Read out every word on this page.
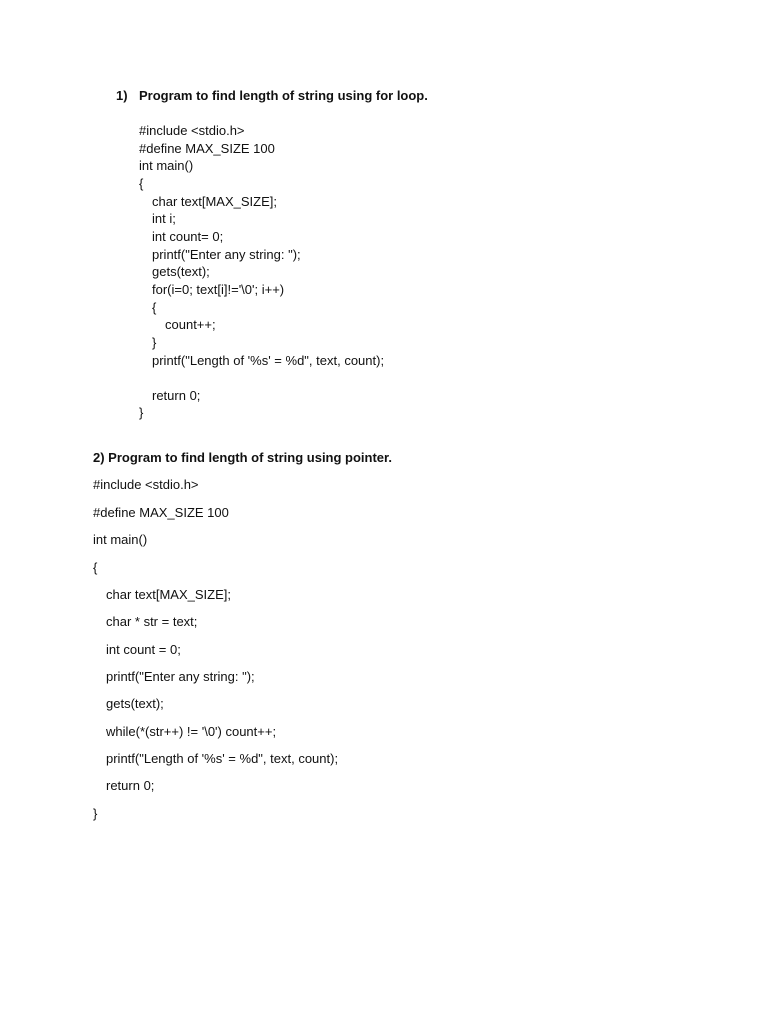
1) Program to find length of string using for loop.
#include <stdio.h>
#define MAX_SIZE 100
int main()
{
char text[MAX_SIZE];
int i;
int count= 0;
printf("Enter any string: ");
gets(text);
for(i=0; text[i]!='\0'; i++)
{
count++;
}
printf("Length of '%s' = %d", text, count);
return 0;
}
2) Program to find length of string using pointer.
#include <stdio.h>
#define MAX_SIZE 100
int main()
{
char text[MAX_SIZE];
char * str = text;
int count = 0;
printf("Enter any string: ");
gets(text);
while(*(str++) != '\0') count++;
printf("Length of '%s' = %d", text, count);
return 0;
}
